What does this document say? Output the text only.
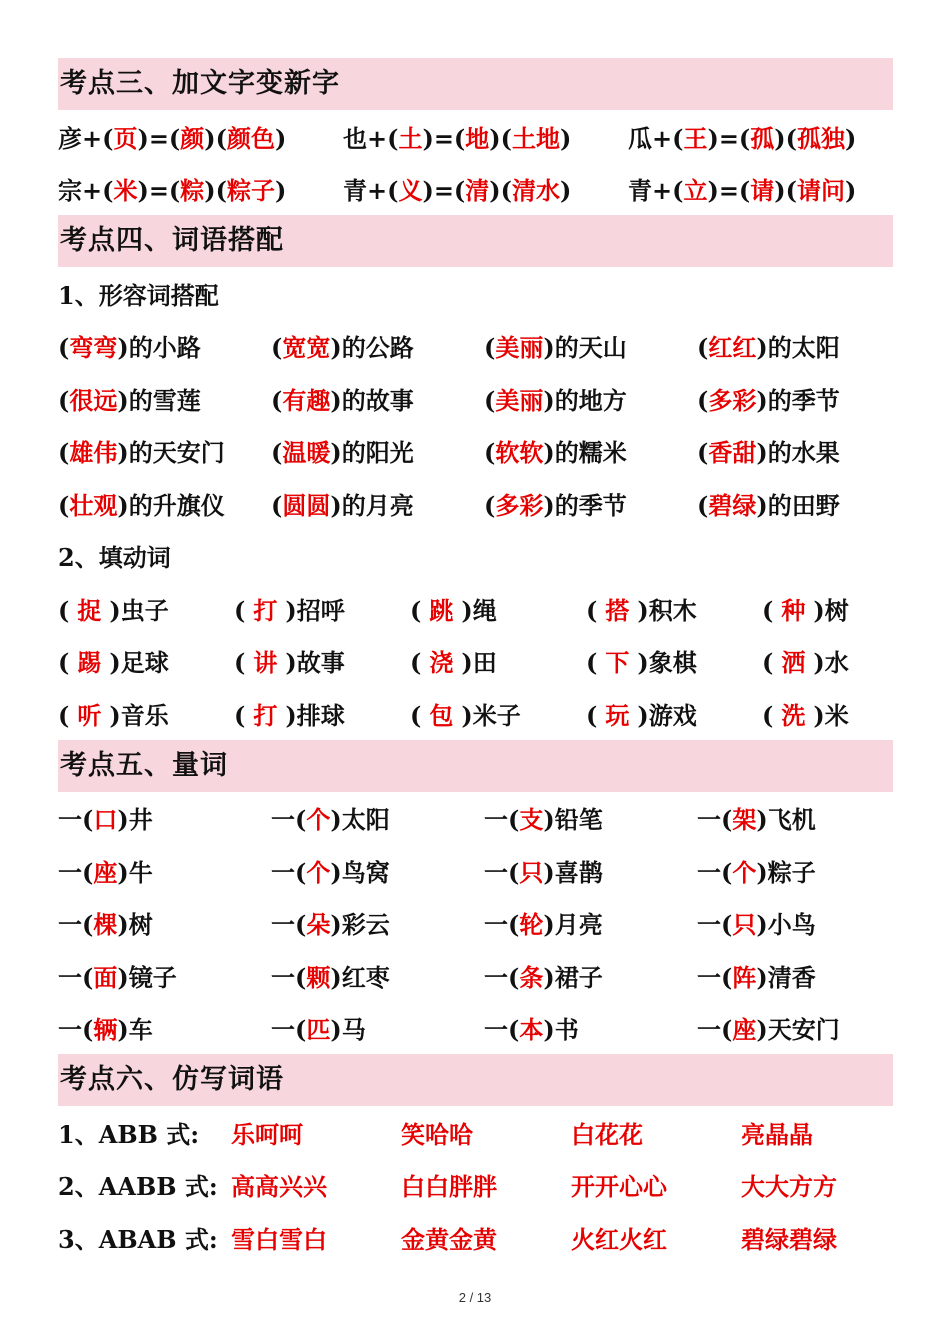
考点三、加文字变新字
彦+(页)=(颜)(颜色)	也+(土)=(地)(土地)	瓜+(王)=(孤)(孤独)
宗+(米)=(粽)(粽子)	青+(义)=(清)(清水)	青+(立)=(请)(请问)
考点四、词语搭配
1、形容词搭配
(弯弯)的小路	(宽宽)的公路	(美丽)的天山	(红红)的太阳
(很远)的雪莲	(有趣)的故事	(美丽)的地方	(多彩)的季节
(雄伟)的天安门	(温暖)的阳光	(软软)的糯米	(香甜)的水果
(壮观)的升旗仪	(圆圆)的月亮	(多彩)的季节	(碧绿)的田野
2、填动词
( 捉 )虫子	( 打 )招呼	( 跳 )绳	( 搭 )积木	( 种 )树
( 踢 )足球	( 讲 )故事	( 浇 )田	( 下 )象棋	( 洒 )水
( 听 )音乐	( 打 )排球	( 包 )米子	( 玩 )游戏	( 洗 )米
考点五、量词
一(口)井	一(个)太阳	一(支)铅笔	一(架)飞机
一(座)牛	一(个)鸟窝	一(只)喜鹊	一(个)粽子
一(棵)树	一(朵)彩云	一(轮)月亮	一(只)小鸟
一(面)镜子	一(颗)红枣	一(条)裙子	一(阵)清香
一(辆)车	一(匹)马	一(本)书	一(座)天安门
考点六、仿写词语
1、ABB 式:	乐呵呵	笑哈哈	白花花	亮晶晶
2、AABB 式: 高高兴兴	白白胖胖	开开心心	大大方方
3、ABAB 式: 雪白雪白	金黄金黄	火红火红	碧绿碧绿
2 / 13
